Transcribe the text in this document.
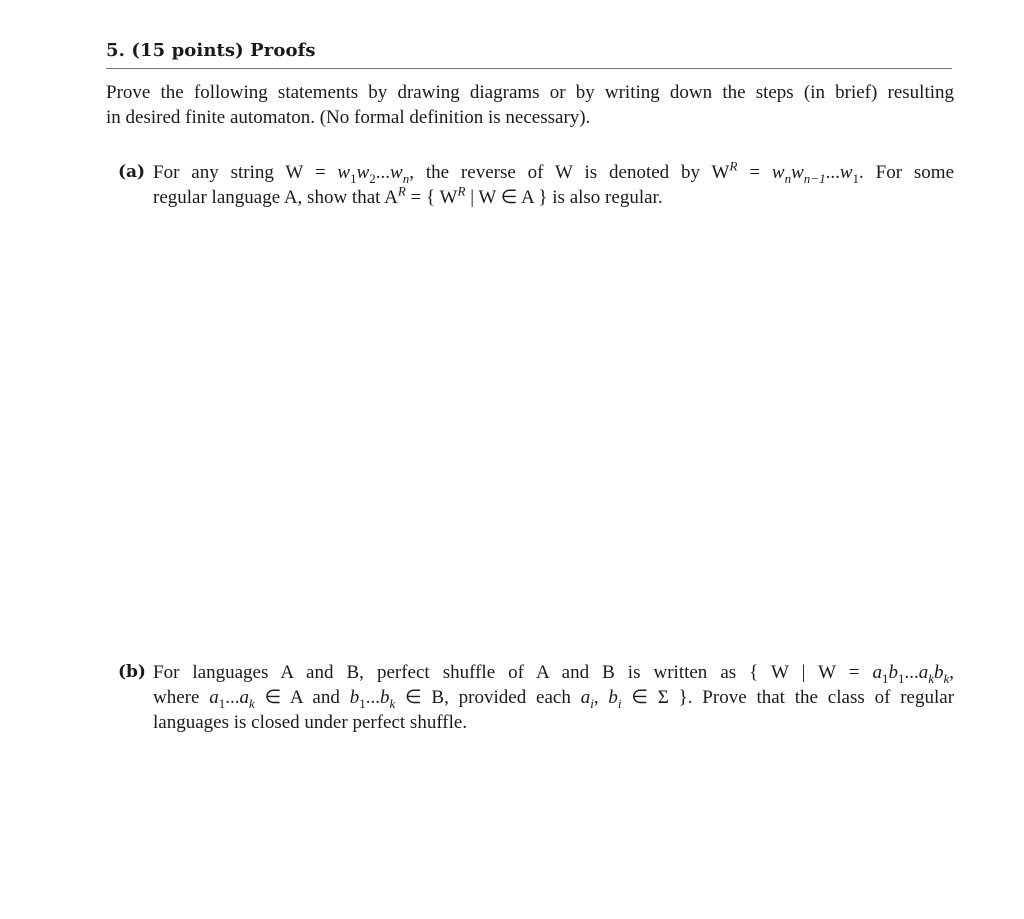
5. (15 points) Proofs
Prove the following statements by drawing diagrams or by writing down the steps (in brief) resulting
in desired finite automaton. (No formal definition is necessary).
(a) For any string $W = w_1w_2...w_n$, the reverse of W is denoted by $W^R = w_nw_{n-1}...w_1$. For some
regular language A, show that $A^R$ = { $W^R$ | W ∈ A } is also regular.
(b) For languages A and B, perfect shuffle of A and B is written as { W | $W = a_1b_1...a_kb_k$,
where $a_1...a_k$ ∈ A and $b_1...b_k$ ∈ B, provided each $a_i$, $b_i$ ∈ Σ }. Prove that the class of regular
languages is closed under perfect shuffle.
